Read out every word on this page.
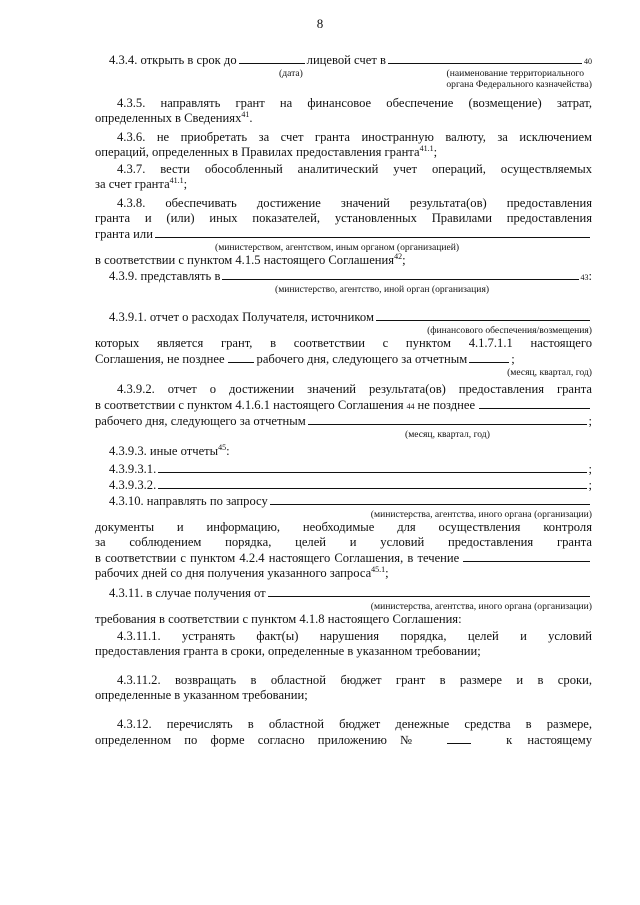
8
4.3.4. открыть в срок до	лицевой счет в	40
(дата)	(наименование территориального
органа Федерального казначейства)
4.3.5. направлять грант на финансовое обеспечение (возмещение) затрат,
определенных в Сведениях$^{41}$.
4.3.6. не приобретать за счет гранта иностранную валюту, за исключением
операций, определенных в Правилах предоставления гранта$^{41.1}$;
4.3.7. вести обособленный аналитический учет операций, осуществляемых
за счет гранта$^{41.1}$;
4.3.8. обеспечивать достижение значений результата(ов) предоставления
гранта и (или) иных показателей, установленных Правилами предоставления
гранта или
(министерством, агентством, иным органом (организацией)
в соответствии с пунктом 4.1.5 настоящего Соглашения$^{42}$;
4.3.9. представлять в	43 :
(министерство, агентство, иной орган (организация)
4.3.9.1. отчет о расходах Получателя, источником
(финансового обеспечения/возмещения)
которых является грант, в соответствии с пунктом 4.1.7.1.1 настоящего
Соглашения, не позднее	рабочего дня, следующего за отчетным	;
(месяц, квартал, год)
4.3.9.2. отчет о достижении значений результата(ов) предоставления гранта
в соответствии с пунктом 4.1.6.1 настоящего Соглашения 44 не позднее
рабочего дня, следующего за отчетным	;
(месяц, квартал, год)
4.3.9.3. иные отчеты$^{45}$:
4.3.9.3.1.	;
4.3.9.3.2.	;
4.3.10. направлять по запросу
(министерства, агентства, иного органа (организации)
документы и информацию, необходимые для осуществления контроля
за соблюдением порядка, целей и условий предоставления гранта
в соответствии с пунктом 4.2.4 настоящего Соглашения, в течение
рабочих дней со дня получения указанного запроса$^{45.1}$;
4.3.11. в случае получения от
(министерства, агентства, иного органа (организации)
требования в соответствии с пунктом 4.1.8 настоящего Соглашения:
4.3.11.1. устранять факт(ы) нарушения порядка, целей и условий
предоставления гранта в сроки, определенные в указанном требовании;
4.3.11.2. возвращать в областной бюджет грант в размере и в сроки,
определенные в указанном требовании;
4.3.12. перечислять в областной бюджет денежные средства в размере,
определенном по форме согласно приложению №	к настоящему
